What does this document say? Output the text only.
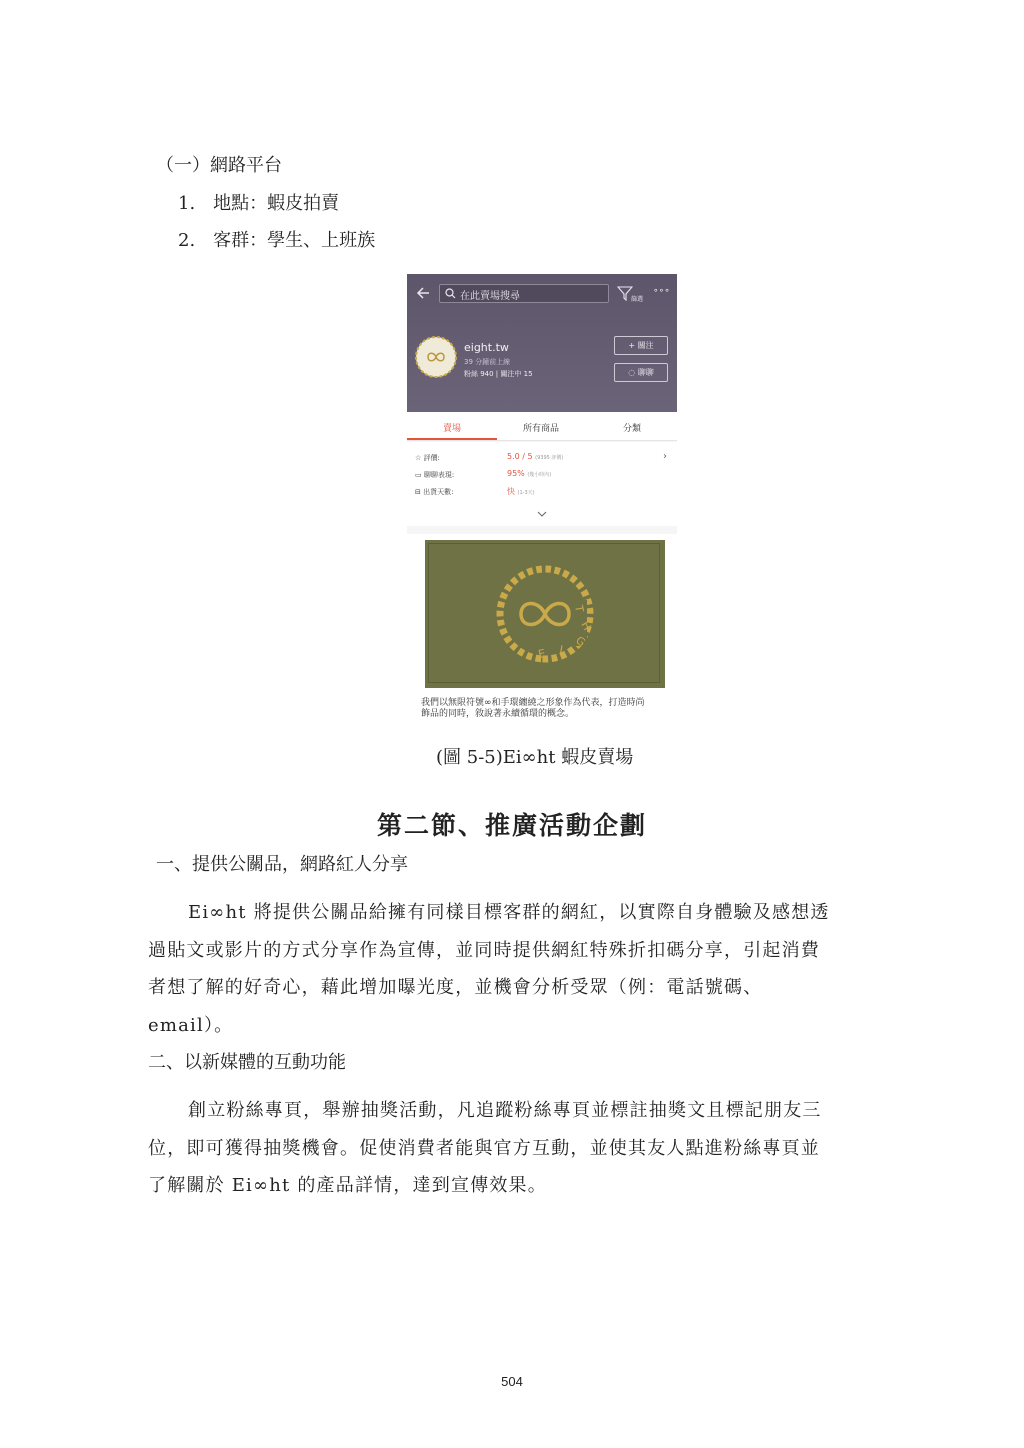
（一）網路平台
1.　地點：蝦皮拍賣
2.　客群：學生、上班族
在此賣場搜尋	篩選
∘∘∘
eight.tw
39 分鐘前上線
粉絲 940 | 關注中 15
+ 關注
◌ 聊聊
賣場	所有商品	分類
☆ 評價:	5.0 / 5 (9395 評價)	›
▭ 聊聊表現:	95% (幾小時內)
⊟ 出貨天數:	快 (1-3天)
T
H
G
I
E
我們以無限符號∞和手環纏繞之形象作為代表，打造時尚
飾品的同時，敘說著永續循環的概念。
(圖 5-5)Ei∞ht 蝦皮賣場
第二節、推廣活動企劃
一、提供公關品，網路紅人分享
Ei∞ht 將提供公關品給擁有同樣目標客群的網紅，以實際自身體驗及感想透
過貼文或影片的方式分享作為宣傳，並同時提供網紅特殊折扣碼分享，引起消費
者想了解的好奇心，藉此增加曝光度，並機會分析受眾（例：電話號碼、
email）。
二、以新媒體的互動功能
創立粉絲專頁，舉辦抽獎活動，凡追蹤粉絲專頁並標註抽獎文且標記朋友三
位，即可獲得抽獎機會。促使消費者能與官方互動，並使其友人點進粉絲專頁並
了解關於 Ei∞ht 的產品詳情，達到宣傳效果。
504
